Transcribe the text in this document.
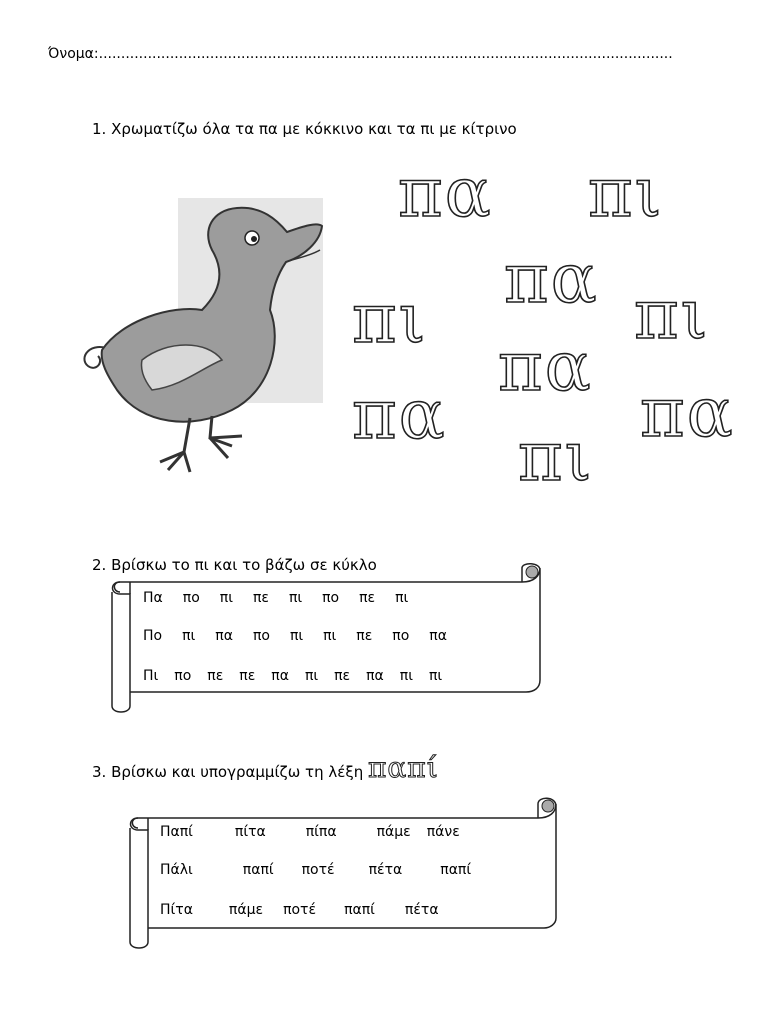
Όνομα:.................................................................................................................................
1. Χρωματίζω όλα τα πα με κόκκινο και τα πι με κίτρινο
πα πι
πα
πι	πι
πα
πα
πι
πα
2. Βρίσκω το πι και το βάζω σε κύκλο
Πα πο πι πε πι πο πε πι
Πο πι πα πο πι πι πε πο πα
Πι πο πε πε πα πι πε πα πι πι
3. Βρίσκω και υπογραμμίζω τη λέξη παπί
Παπί	πίτα	πίπα	πάμε πάνε
Πάλι	παπί ποτέ πέτα	παπί
Πίτα	πάμε ποτέ παπί πέτα
